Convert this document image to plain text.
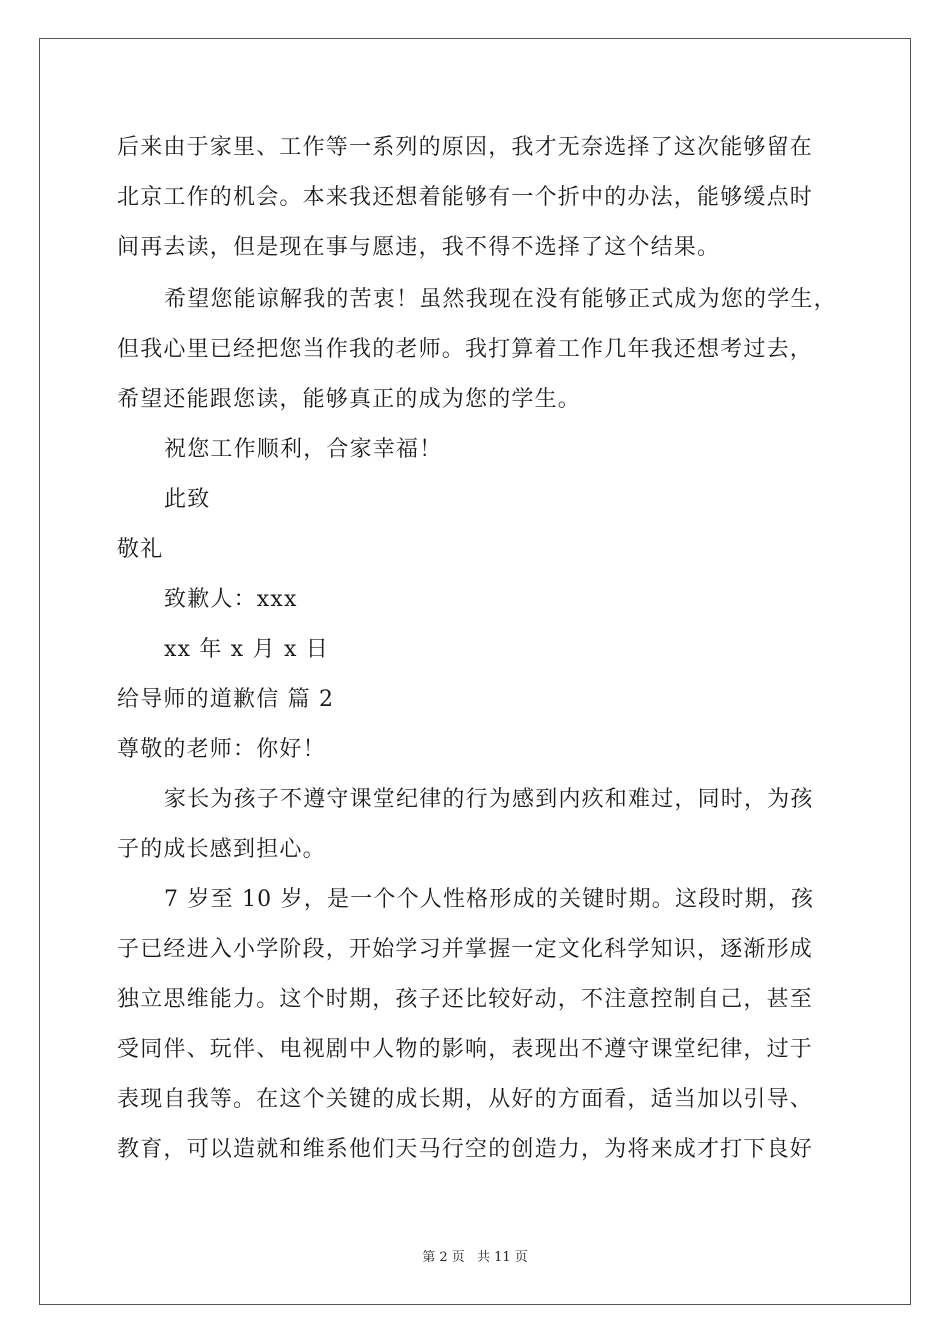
后来由于家里、工作等一系列的原因，我才无奈选择了这次能够留在
北京工作的机会。本来我还想着能够有一个折中的办法，能够缓点时
间再去读，但是现在事与愿违，我不得不选择了这个结果。
希望您能谅解我的苦衷！虽然我现在没有能够正式成为您的学生，
但我心里已经把您当作我的老师。我打算着工作几年我还想考过去，
希望还能跟您读，能够真正的成为您的学生。
祝您工作顺利，合家幸福！
此致
敬礼
致歉人：xxx
xx 年 x 月 x 日
给导师的道歉信 篇 2
尊敬的老师：你好！
家长为孩子不遵守课堂纪律的行为感到内疚和难过，同时，为孩
子的成长感到担心。
7 岁至 10 岁，是一个个人性格形成的关键时期。这段时期，孩
子已经进入小学阶段，开始学习并掌握一定文化科学知识，逐渐形成
独立思维能力。这个时期，孩子还比较好动，不注意控制自己，甚至
受同伴、玩伴、电视剧中人物的影响，表现出不遵守课堂纪律，过于
表现自我等。在这个关键的成长期，从好的方面看，适当加以引导、
教育，可以造就和维系他们天马行空的创造力，为将来成才打下良好
第 2 页 共 11 页
